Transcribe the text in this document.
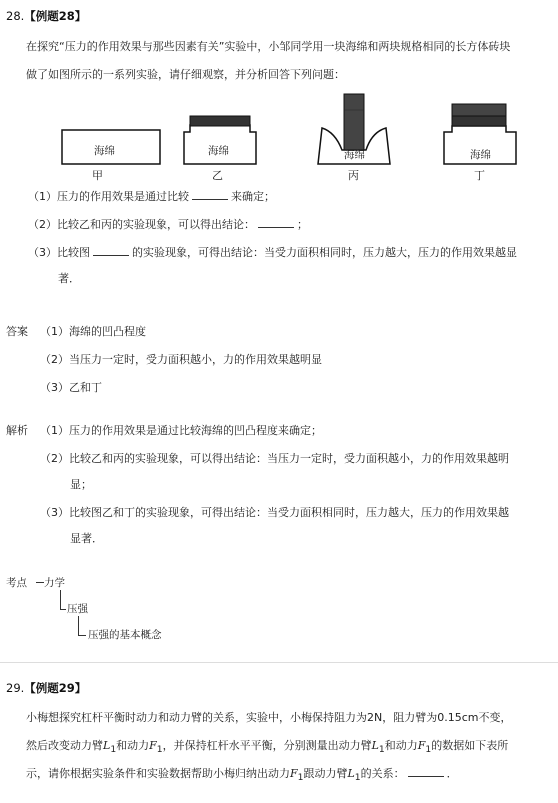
28.【例题28】
在探究“压力的作用效果与那些因素有关”实验中，小邹同学用一块海绵和两块规格相同的长方体砖块
做了如图所示的一系列实验，请仔细观察，并分析回答下列问题：
海绵	海绵	海绵	海绵
甲	乙	丙	丁
（1）压力的作用效果是通过比较	来确定；
（2）比较乙和丙的实验现象，可以得出结论：	；
（3）比较图	的实验现象，可得出结论：当受力面积相同时，压力越大，压力的作用效果越显
著．
答案 （1）海绵的凹凸程度
（2）当压力一定时，受力面积越小，力的作用效果越明显
（3）乙和丁
解析 （1）压力的作用效果是通过比较海绵的凹凸程度来确定；
（2）比较乙和丙的实验现象，可以得出结论：当压力一定时，受力面积越小，力的作用效果越明
显；
（3）比较图乙和丁的实验现象，可得出结论：当受力面积相同时，压力越大，压力的作用效果越
显著．
考点 力学
压强
压强的基本概念
29.【例题29】
小梅想探究杠杆平衡时动力和动力臂的关系，实验中，小梅保持阻力为2N，阻力臂为0.15cm不变，
然后改变动力臂$L_1$和动力$F_1$，并保持杠杆水平平衡，分别测量出动力臂$L_1$和动力$F_1$的数据如下表所
示，请你根据实验条件和实验数据帮助小梅归纳出动力$F_1$跟动力臂$L_1$的关系：	．
